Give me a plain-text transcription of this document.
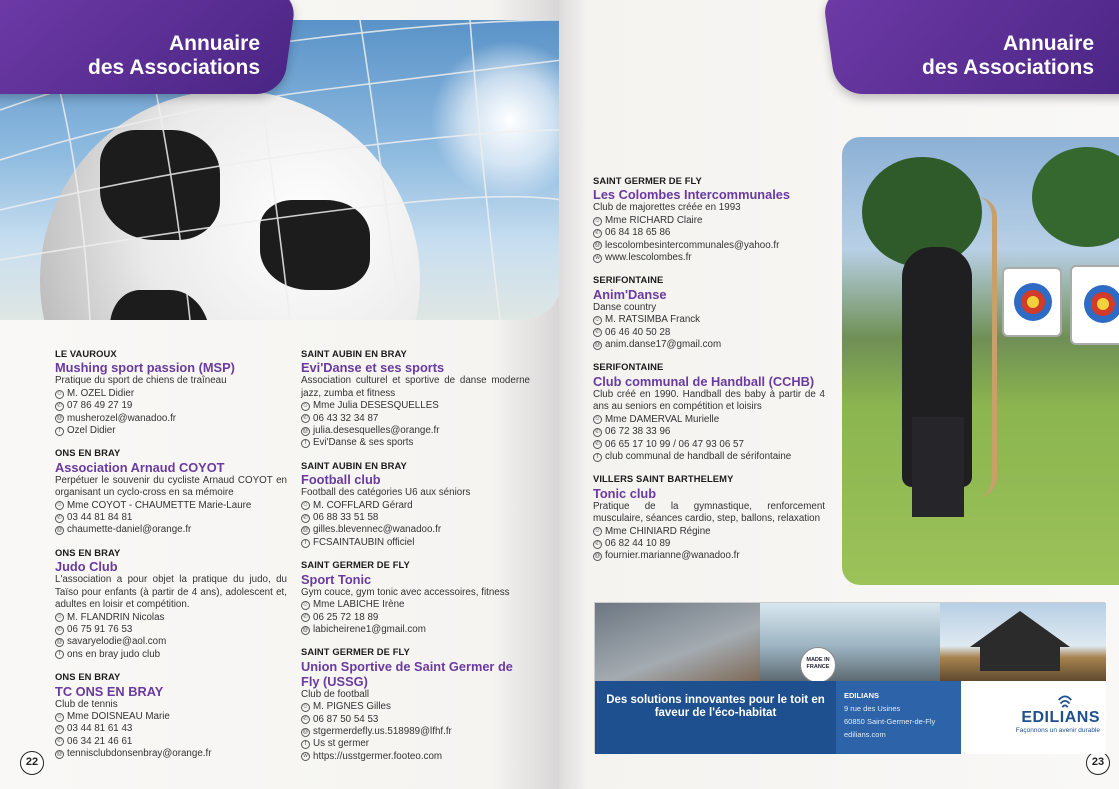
Annuaire
des Associations
LE VAUROUX
Mushing sport passion (MSP)
Pratique du sport de chiens de traîneau
☺ M. OZEL Didier
✆ 07 86 49 27 19
@ musherozel@wanadoo.fr
f Ozel Didier
ONS EN BRAY
Association Arnaud COYOT
Perpétuer le souvenir du cycliste Arnaud COYOT en organisant un cyclo-cross en sa mémoire
☺ Mme COYOT - CHAUMETTE Marie-Laure
✆ 03 44 81 84 81
@ chaumette-daniel@orange.fr
ONS EN BRAY
Judo Club
L'association a pour objet la pratique du judo, du Taïso pour enfants (à partir de 4 ans), adolescent et, adultes en loisir et compétition.
☺ M. FLANDRIN Nicolas
✆ 06 75 91 76 53
@ savaryelodie@aol.com
f ons en bray judo club
ONS EN BRAY
TC ONS EN BRAY
Club de tennis
☺ Mme DOISNEAU Marie
✆ 03 44 81 61 43
✆ 06 34 21 46 61
@ tennisclubdonsenbray@orange.fr
SAINT AUBIN EN BRAY
Evi'Danse et ses sports
Association culturel et sportive de danse moderne jazz, zumba et fitness
☺ Mme Julia DESESQUELLES
✆ 06 43 32 34 87
@ julia.desesquelles@orange.fr
f Evi'Danse & ses sports
SAINT AUBIN EN BRAY
Football club
Football des catégories U6 aux séniors
☺ M. COFFLARD Gérard
✆ 06 88 33 51 58
@ gilles.blevennec@wanadoo.fr
f FCSAINTAUBIN officiel
SAINT GERMER DE FLY
Sport Tonic
Gym couce, gym tonic avec accessoires, fitness
☺ Mme LABICHE Irène
✆ 06 25 72 18 89
@ labicheirene1@gmail.com
SAINT GERMER DE FLY
Union Sportive de Saint Germer de Fly (USSG)
Club de football
☺ M. PIGNES Gilles
✆ 06 87 50 54 53
@ stgermerdefly.us.518989@lfhf.fr
f Us st germer
w https://usstgermer.footeo.com
22
Annuaire
des Associations
SAINT GERMER DE FLY
Les Colombes Intercommunales
Club de majorettes créée en 1993
☺ Mme RICHARD Claire
✆ 06 84 18 65 86
@ lescolombesintercommunales@yahoo.fr
w www.lescolombes.fr
SERIFONTAINE
Anim'Danse
Danse country
☺ M. RATSIMBA Franck
✆ 06 46 40 50 28
@ anim.danse17@gmail.com
SERIFONTAINE
Club communal de Handball (CCHB)
Club créé en 1990. Handball des baby à partir de 4 ans au seniors en compétition et loisirs
☺ Mme DAMERVAL Murielle
✆ 06 72 38 33 96
✆ 06 65 17 10 99 / 06 47 93 06 57
f club communal de handball de sérifontaine
VILLERS SAINT BARTHELEMY
Tonic club
Pratique de la gymnastique, renforcement musculaire, séances cardio, step, ballons, relaxation
☺ Mme CHINIARD Régine
✆ 06 82 44 10 89
@ fournier.marianne@wanadoo.fr
23
MADE IN FRANCE
Des solutions innovantes pour le toit en faveur de l'éco-habitat
EDILIANS
9 rue des Usines
60850 Saint-Germer-de-Fly
edilians.com
EDILIANS
Façonnons un avenir durable
